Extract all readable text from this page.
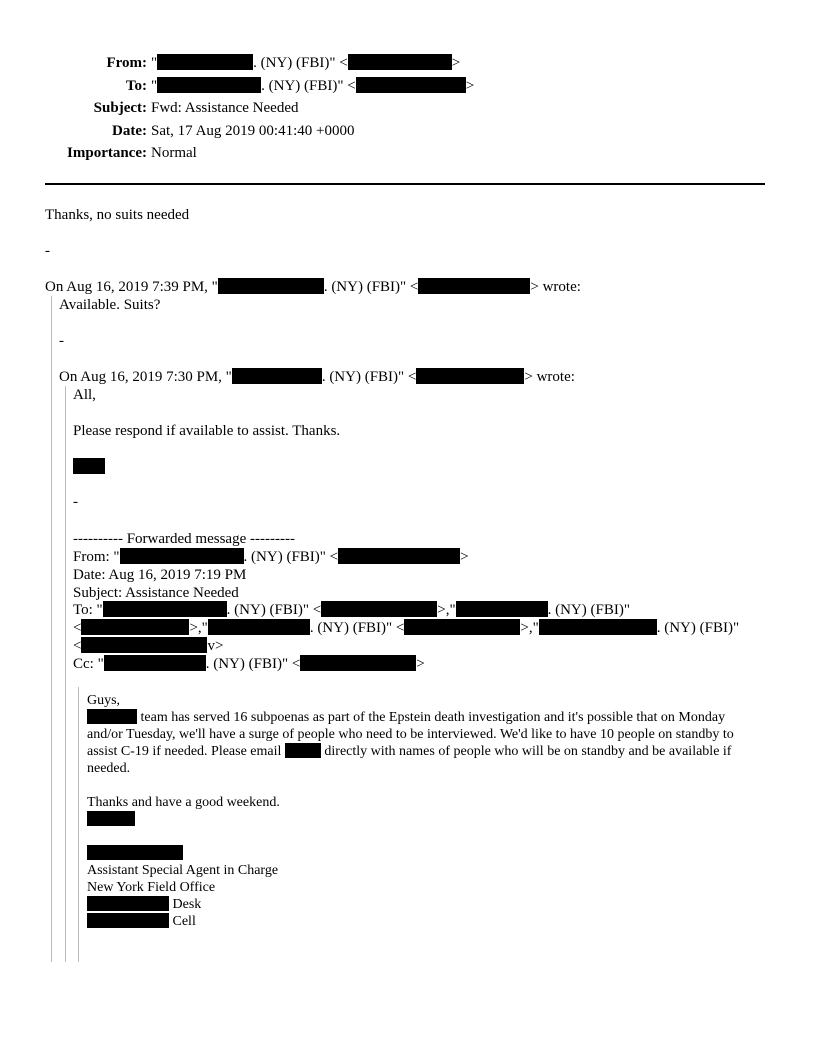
From: "	. (NY) (FBI)" <	>
To: "	. (NY) (FBI)" <	>
Subject: Fwd: Assistance Needed
Date: Sat, 17 Aug 2019 00:41:40 +0000
Importance: Normal
Thanks, no suits needed
-
On Aug 16, 2019 7:39 PM, "	. (NY) (FBI)" <	> wrote:
Available. Suits?
-
On Aug 16, 2019 7:30 PM, "	. (NY) (FBI)" <	> wrote:
All,
Please respond if available to assist. Thanks.
-
---------- Forwarded message ---------
From: "	. (NY) (FBI)" <	>
Date: Aug 16, 2019 7:19 PM
Subject: Assistance Needed
To: "	. (NY) (FBI)" <	>,"	. (NY) (FBI)"
<	>,"	. (NY) (FBI)" <	>,"	. (NY) (FBI)"
<	v>
Cc: "	. (NY) (FBI)" <	>
Guys,
team has served 16 subpoenas as part of the Epstein death investigation and it's possible that on Monday
and/or Tuesday, we'll have a surge of people who need to be interviewed. We'd like to have 10 people on standby to
assist C-19 if needed. Please email	directly with names of people who will be on standby and be available if
needed.
Thanks and have a good weekend.
Assistant Special Agent in Charge
New York Field Office
Desk
Cell
